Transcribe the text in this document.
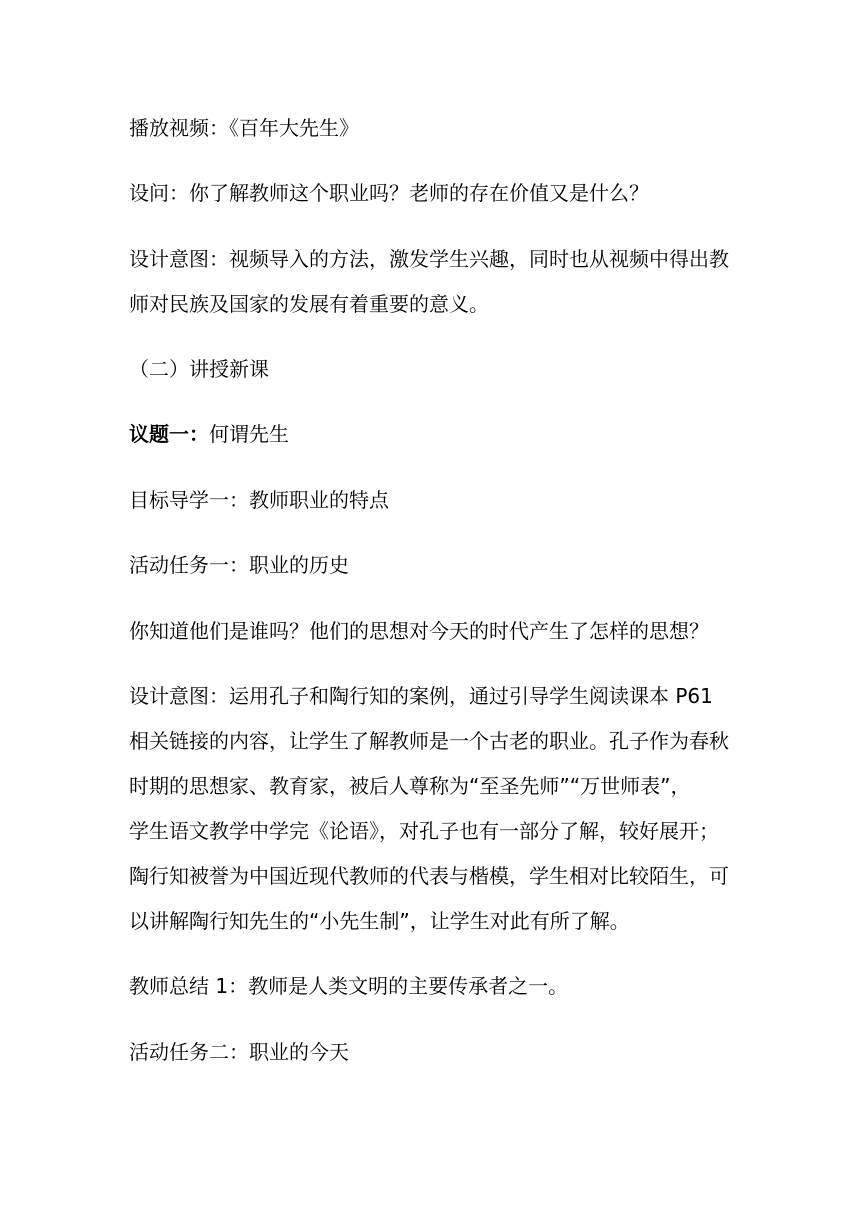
播放视频：《百年大先生》
设问：你了解教师这个职业吗？老师的存在价值又是什么？
设计意图：视频导入的方法，激发学生兴趣，同时也从视频中得出教
师对民族及国家的发展有着重要的意义。
（二）讲授新课
议题一：何谓先生
目标导学一：教师职业的特点
活动任务一：职业的历史
你知道他们是谁吗？他们的思想对今天的时代产生了怎样的思想？
设计意图：运用孔子和陶行知的案例，通过引导学生阅读课本 P61
相关链接的内容，让学生了解教师是一个古老的职业。孔子作为春秋
时期的思想家、教育家，被后人尊称为“至圣先师”“万世师表”，
学生语文教学中学完《论语》，对孔子也有一部分了解，较好展开；
陶行知被誉为中国近现代教师的代表与楷模，学生相对比较陌生，可
以讲解陶行知先生的“小先生制”，让学生对此有所了解。
教师总结 1：教师是人类文明的主要传承者之一。
活动任务二：职业的今天
